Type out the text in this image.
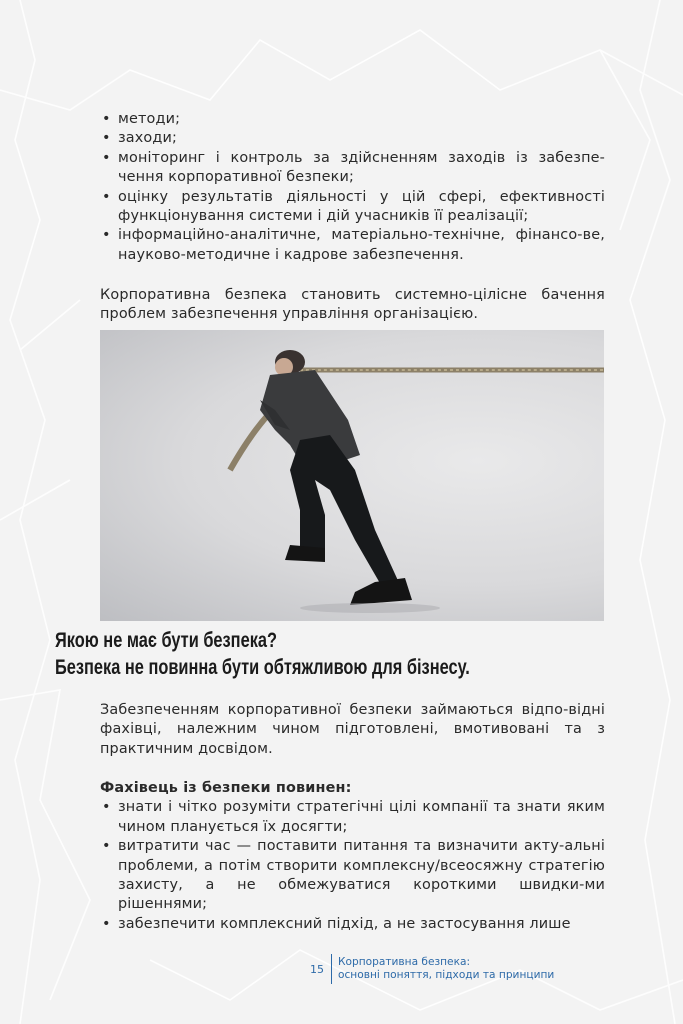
• методи;
• заходи;
• моніторинг і контроль за здійсненням заходів із забезпе-чення корпоративної безпеки;
• оцінку результатів діяльності у цій сфері, ефективності функціонування системи і дій учасників її реалізації;
• інформаційно-аналітичне, матеріально-технічне, фінансо-ве, науково-методичне і кадрове забезпечення.

Корпоративна безпека становить системно-цілісне бачення проблем забезпечення управління організацією.

Якою не має бути безпека?
Безпека не повинна бути обтяжливою для бізнесу.

Забезпеченням корпоративної безпеки займаються відпо-відні фахівці, належним чином підготовлені, вмотивовані та з практичним досвідом.

Фахівець із безпеки повинен:
• знати і чітко розуміти стратегічні цілі компанії та знати яким чином планується їх досягти;
• витратити час — поставити питання та визначити акту-альні проблеми, а потім створити комплексну/всеосяжну стратегію захисту, а не обмежуватися короткими швидки-ми рішеннями;
• забезпечити комплексний підхід, а не застосування лише
15
Корпоративна безпека:
основні поняття, підходи та принципи
